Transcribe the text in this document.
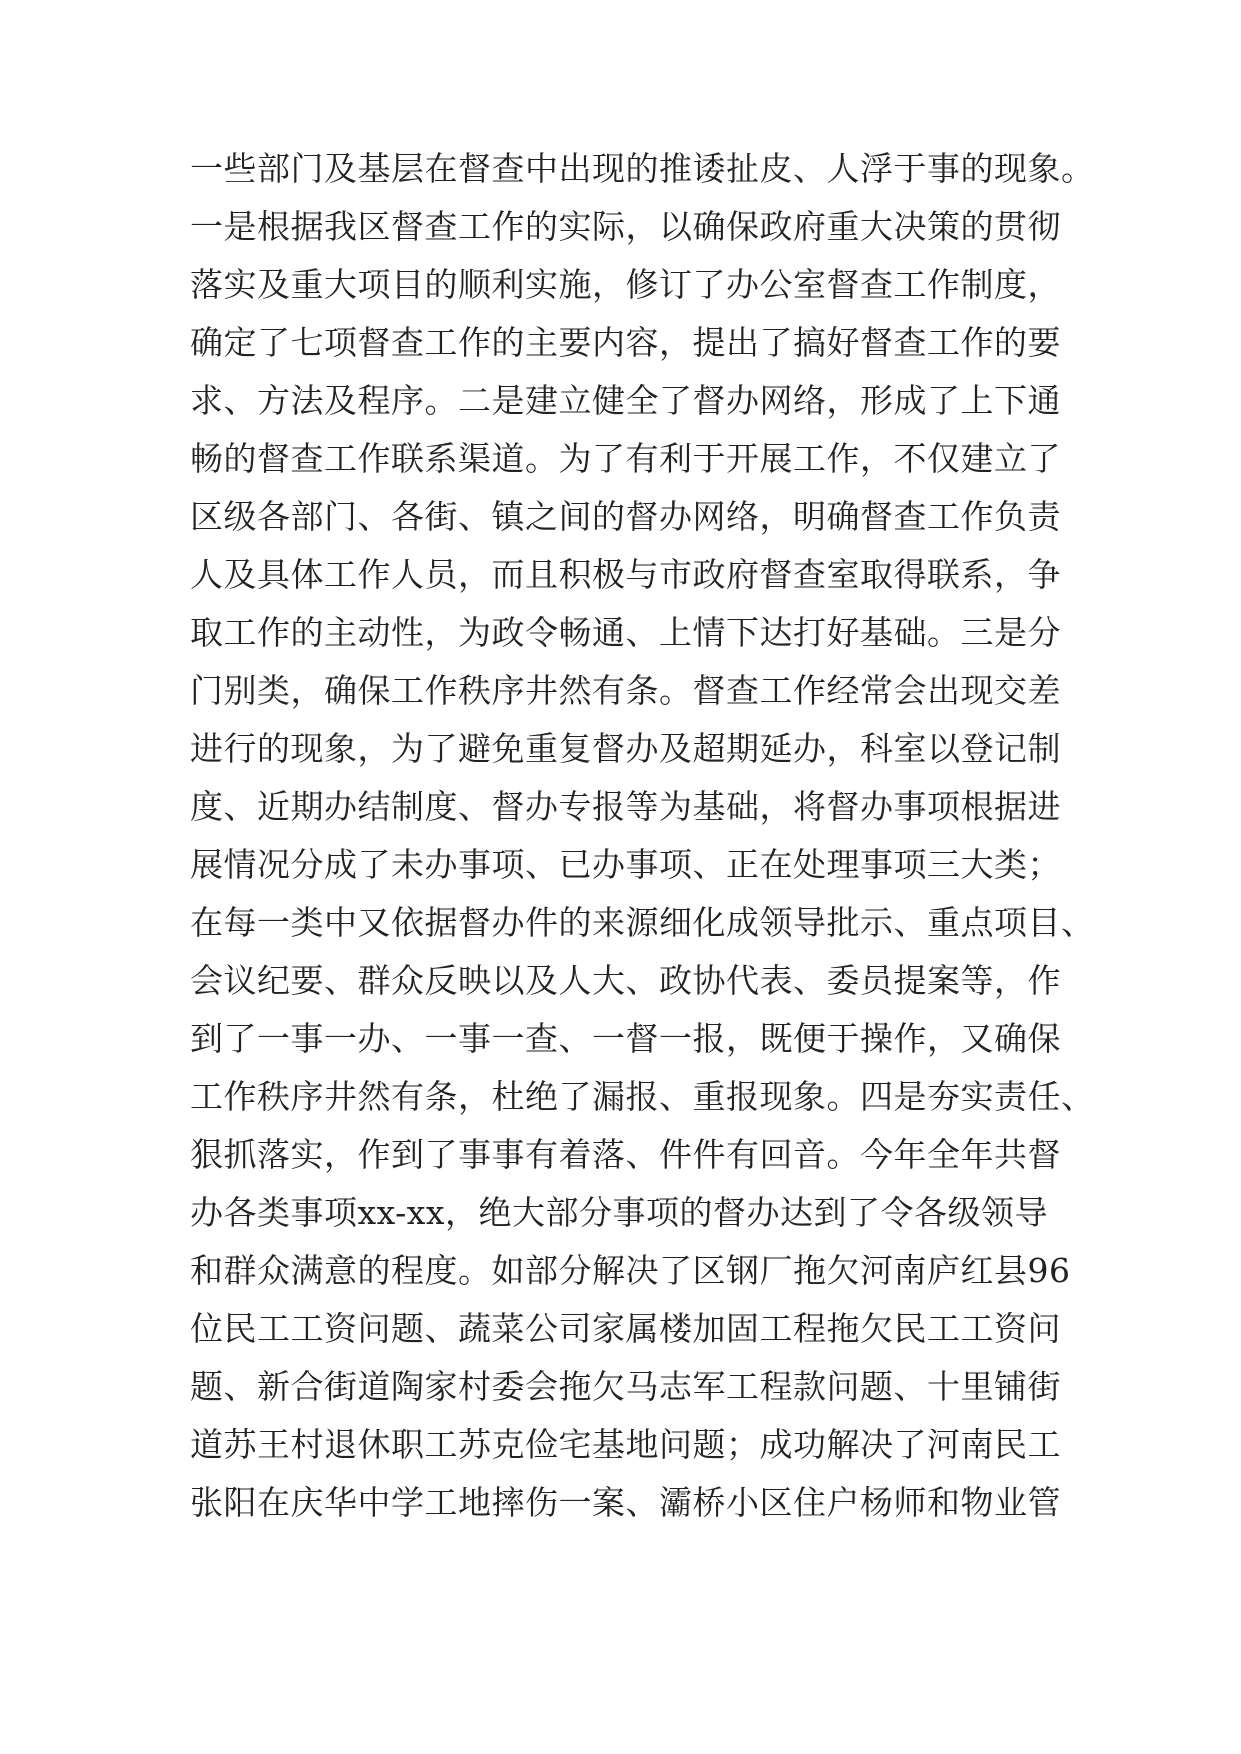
一些部门及基层在督查中出现的推诿扯皮、人浮于事的现象。
一是根据我区督查工作的实际，以确保政府重大决策的贯彻
落实及重大项目的顺利实施，修订了办公室督查工作制度，
确定了七项督查工作的主要内容，提出了搞好督查工作的要
求、方法及程序。二是建立健全了督办网络，形成了上下通
畅的督查工作联系渠道。为了有利于开展工作，不仅建立了
区级各部门、各街、镇之间的督办网络，明确督查工作负责
人及具体工作人员，而且积极与市政府督查室取得联系，争
取工作的主动性，为政令畅通、上情下达打好基础。三是分
门别类，确保工作秩序井然有条。督查工作经常会出现交差
进行的现象，为了避免重复督办及超期延办，科室以登记制
度、近期办结制度、督办专报等为基础，将督办事项根据进
展情况分成了未办事项、已办事项、正在处理事项三大类；
在每一类中又依据督办件的来源细化成领导批示、重点项目、
会议纪要、群众反映以及人大、政协代表、委员提案等，作
到了一事一办、一事一查、一督一报，既便于操作，又确保
工作秩序井然有条，杜绝了漏报、重报现象。四是夯实责任、
狠抓落实，作到了事事有着落、件件有回音。今年全年共督
办各类事项xx-xx，绝大部分事项的督办达到了令各级领导
和群众满意的程度。如部分解决了区钢厂拖欠河南庐红县96
位民工工资问题、蔬菜公司家属楼加固工程拖欠民工工资问
题、新合街道陶家村委会拖欠马志军工程款问题、十里铺街
道苏王村退休职工苏克俭宅基地问题；成功解决了河南民工
张阳在庆华中学工地摔伤一案、灞桥小区住户杨师和物业管
